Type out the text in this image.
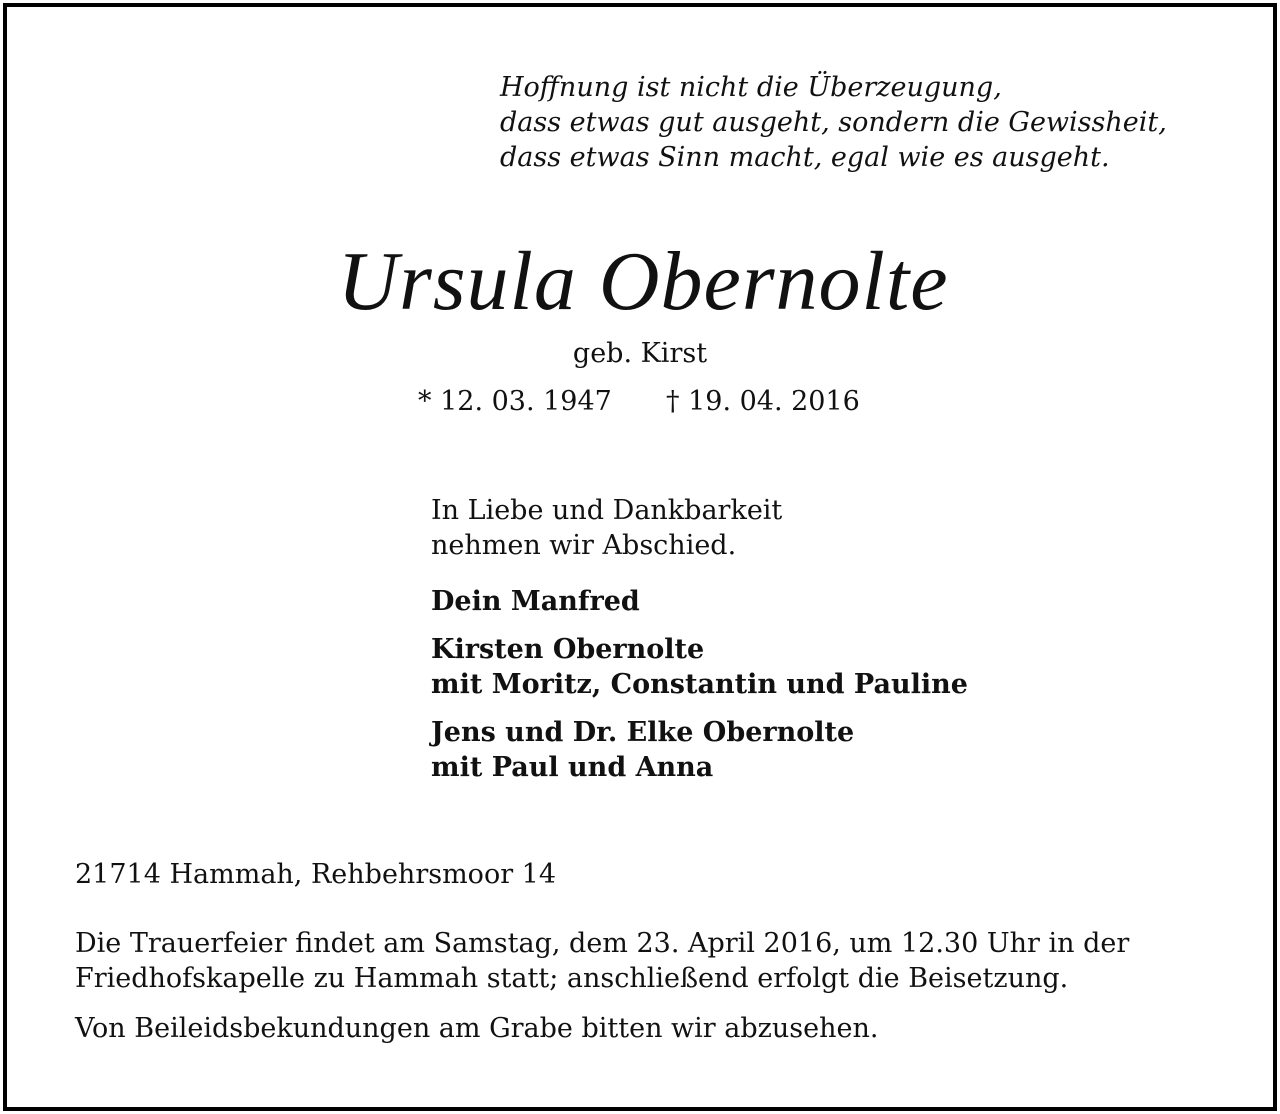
Hoffnung ist nicht die Überzeugung,
dass etwas gut ausgeht, sondern die Gewissheit,
dass etwas Sinn macht, egal wie es ausgeht.
Ursula Obernolte
geb. Kirst
* 12. 03. 1947 † 19. 04. 2016
In Liebe und Dankbarkeit
nehmen wir Abschied.
Dein Manfred
Kirsten Obernolte
mit Moritz, Constantin und Pauline
Jens und Dr. Elke Obernolte
mit Paul und Anna
21714 Hammah, Rehbehrsmoor 14
Die Trauerfeier findet am Samstag, dem 23. April 2016, um 12.30 Uhr in der
Friedhofskapelle zu Hammah statt; anschließend erfolgt die Beisetzung.
Von Beileidsbekundungen am Grabe bitten wir abzusehen.
